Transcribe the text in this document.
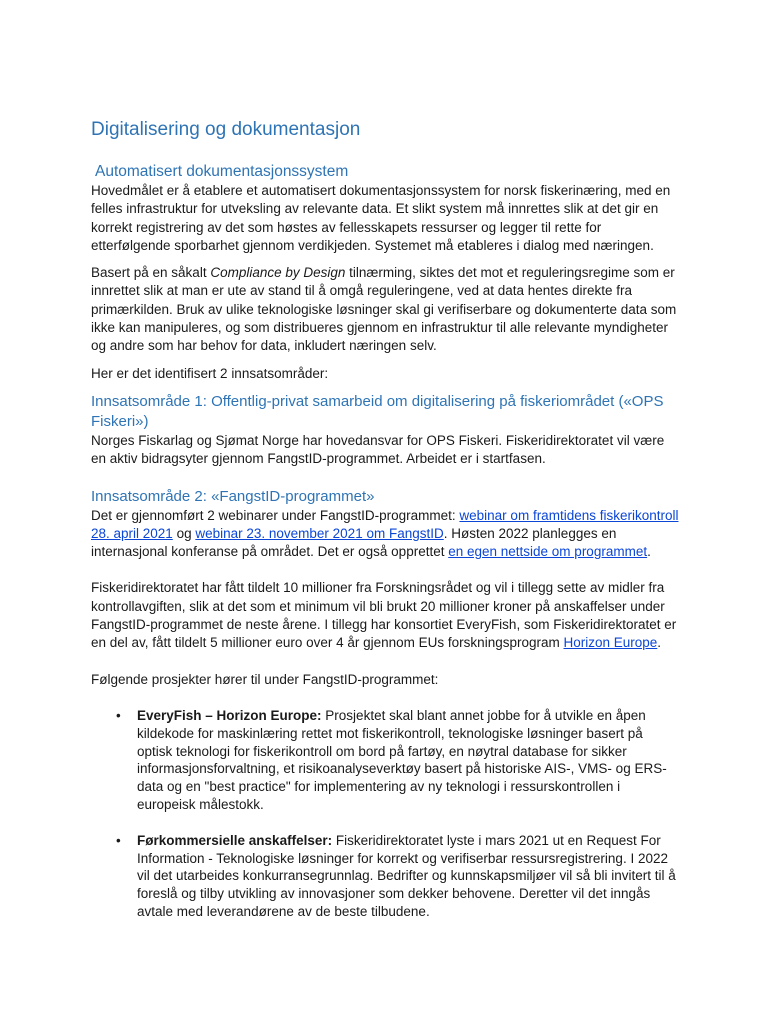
Digitalisering og dokumentasjon
Automatisert dokumentasjonssystem

Hovedmålet er å etablere et automatisert dokumentasjonssystem for norsk fiskerinæring, med en felles infrastruktur for utveksling av relevante data. Et slikt system må innrettes slik at det gir en korrekt registrering av det som høstes av fellesskapets ressurser og legger til rette for etterfølgende sporbarhet gjennom verdikjeden. Systemet må etableres i dialog med næringen.

Basert på en såkalt Compliance by Design tilnærming, siktes det mot et reguleringsregime som er innrettet slik at man er ute av stand til å omgå reguleringene, ved at data hentes direkte fra primærkilden. Bruk av ulike teknologiske løsninger skal gi verifiserbare og dokumenterte data som ikke kan manipuleres, og som distribueres gjennom en infrastruktur til alle relevante myndigheter og andre som har behov for data, inkludert næringen selv.

Her er det identifisert 2 innsatsområder:

Innsatsområde 1: Offentlig-privat samarbeid om digitalisering på fiskeriområdet («OPS Fiskeri»)

Norges Fiskarlag og Sjømat Norge har hovedansvar for OPS Fiskeri. Fiskeridirektoratet vil være en aktiv bidragsyter gjennom FangstID-programmet. Arbeidet er i startfasen.

Innsatsområde 2: «FangstID-programmet»

Det er gjennomført 2 webinarer under FangstID-programmet: webinar om framtidens fiskerikontroll 28. april 2021 og webinar 23. november 2021 om FangstID. Høsten 2022 planlegges en internasjonal konferanse på området. Det er også opprettet en egen nettside om programmet.

Fiskeridirektoratet har fått tildelt 10 millioner fra Forskningsrådet og vil i tillegg sette av midler fra kontrollavgiften, slik at det som et minimum vil bli brukt 20 millioner kroner på anskaffelser under FangstID-programmet de neste årene. I tillegg har konsortiet EveryFish, som Fiskeridirektoratet er en del av, fått tildelt 5 millioner euro over 4 år gjennom EUs forskningsprogram Horizon Europe.

Følgende prosjekter hører til under FangstID-programmet:

• EveryFish – Horizon Europe: Prosjektet skal blant annet jobbe for å utvikle en åpen kildekode for maskinlæring rettet mot fiskerikontroll, teknologiske løsninger basert på optisk teknologi for fiskerikontroll om bord på fartøy, en nøytral database for sikker informasjonsforvaltning, et risikoanalyseverktøy basert på historiske AIS-, VMS- og ERS-data og en "best practice" for implementering av ny teknologi i ressurskontrollen i europeisk målestokk.
• Førkommersielle anskaffelser: Fiskeridirektoratet lyste i mars 2021 ut en Request For Information - Teknologiske løsninger for korrekt og verifiserbar ressursregistrering. I 2022 vil det utarbeides konkurransegrunnlag. Bedrifter og kunnskapsmiljøer vil så bli invitert til å foreslå og tilby utvikling av innovasjoner som dekker behovene. Deretter vil det inngås avtale med leverandørene av de beste tilbudene.
